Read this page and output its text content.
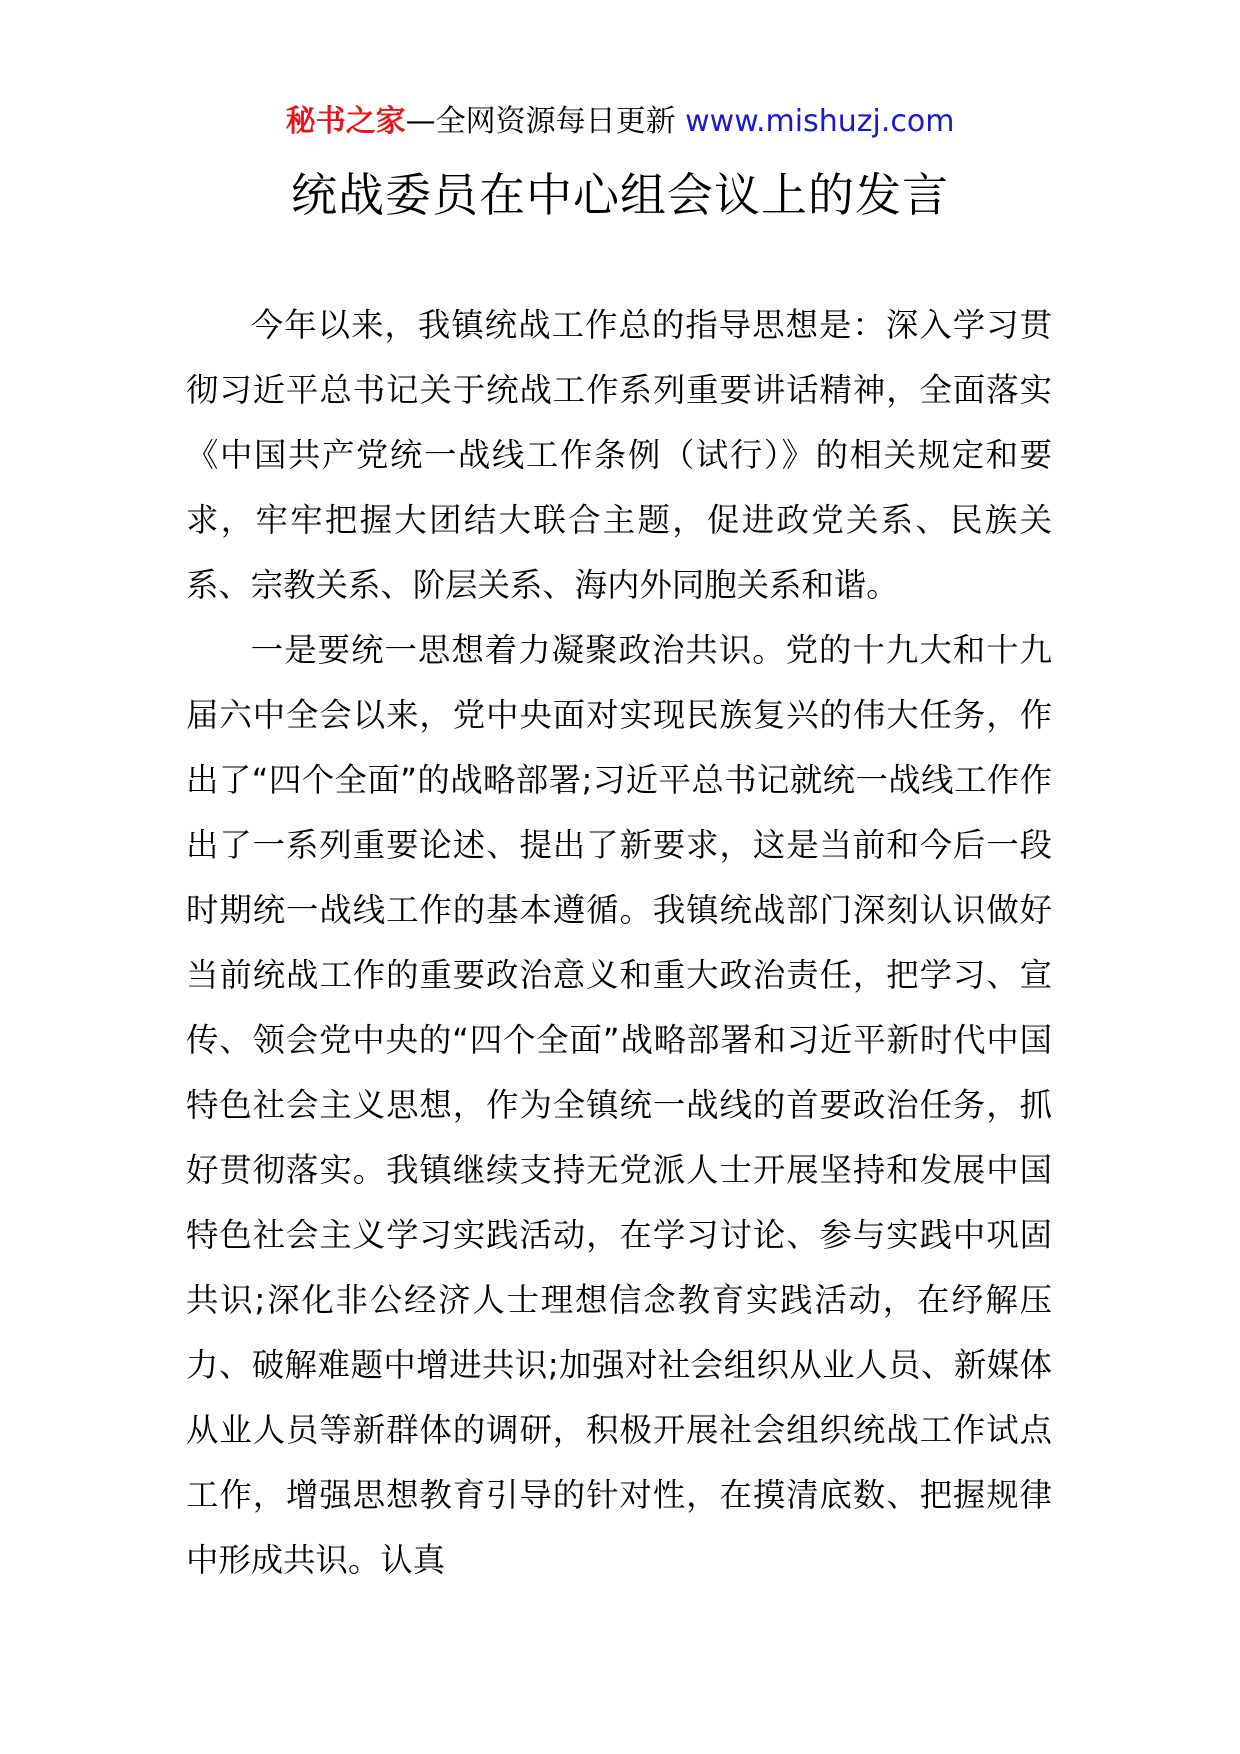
秘书之家—全网资源每日更新 www.mishuzj.com
统战委员在中心组会议上的发言

今年以来，我镇统战工作总的指导思想是：深入学习贯彻习近平总书记关于统战工作系列重要讲话精神，全面落实《中国共产党统一战线工作条例（试行）》的相关规定和要求，牢牢把握大团结大联合主题，促进政党关系、民族关系、宗教关系、阶层关系、海内外同胞关系和谐。

一是要统一思想着力凝聚政治共识。党的十九大和十九届六中全会以来，党中央面对实现民族复兴的伟大任务，作出了“四个全面”的战略部署;习近平总书记就统一战线工作作出了一系列重要论述、提出了新要求，这是当前和今后一段时期统一战线工作的基本遵循。我镇统战部门深刻认识做好当前统战工作的重要政治意义和重大政治责任，把学习、宣传、领会党中央的“四个全面”战略部署和习近平新时代中国特色社会主义思想，作为全镇统一战线的首要政治任务，抓好贯彻落实。我镇继续支持无党派人士开展坚持和发展中国特色社会主义学习实践活动，在学习讨论、参与实践中巩固共识;深化非公经济人士理想信念教育实践活动，在纾解压力、破解难题中增进共识;加强对社会组织从业人员、新媒体从业人员等新群体的调研，积极开展社会组织统战工作试点工作，增强思想教育引导的针对性，在摸清底数、把握规律中形成共识。认真
